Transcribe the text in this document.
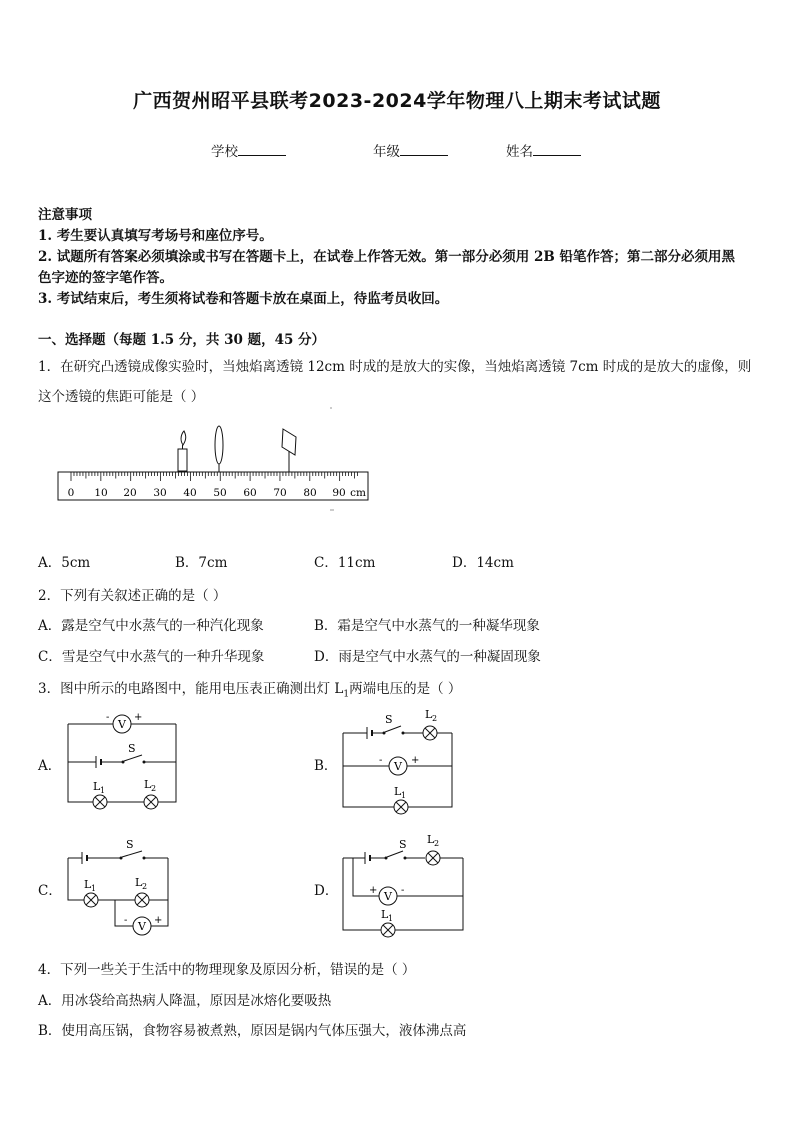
广西贺州昭平县联考2023-2024学年物理八上期末考试试题
学校	年级	姓名
注意事项
1. 考生要认真填写考场号和座位序号。
2. 试题所有答案必须填涂或书写在答题卡上，在试卷上作答无效。第一部分必须用 2B 铅笔作答；第二部分必须用黑
色字迹的签字笔作答。
3. 考试结束后，考生须将试卷和答题卡放在桌面上，待监考员收回。
一、选择题（每题 1.5 分，共 30 题，45 分）
1．在研究凸透镜成像实验时，当烛焰离透镜 12cm 时成的是放大的实像，当烛焰离透镜 7cm 时成的是放大的虚像，则
这个透镜的焦距可能是（ ）
0 10 20 30 40 50 60 70 80 90 cm
A．5cm	B．7cm	C．11cm	D．14cm
2．下列有关叙述正确的是（ ）
A．露是空气中水蒸气的一种汽化现象	B．霜是空气中水蒸气的一种凝华现象
C．雪是空气中水蒸气的一种升华现象	D．雨是空气中水蒸气的一种凝固现象
3．图中所示的电路图中，能用电压表正确测出灯 $L_1$两端电压的是（ ）
A．	B．
C．	D．
V
- +
S
L 1	L 2
S	L 2
V
-	+
L 1
S
L 1	L 2
V
-	+
S L 2
V
+ -
L 1
4．下列一些关于生活中的物理现象及原因分析，错误的是（ ）
A．用冰袋给高热病人降温，原因是冰熔化要吸热
B．使用高压锅，食物容易被煮熟，原因是锅内气体压强大，液体沸点高
